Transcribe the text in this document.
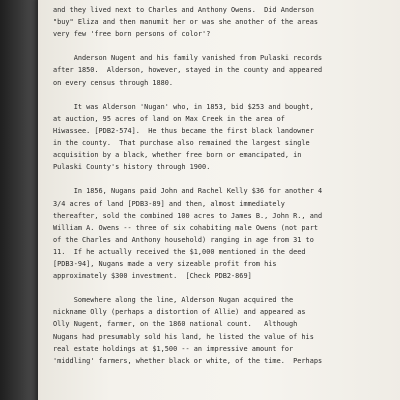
and they lived next to Charles and Anthony Owens.  Did Anderson
"buy" Eliza and then manumit her or was she another of the areas
very few 'free born persons of color'?

Anderson Nugent and his family vanished from Pulaski records
after 1850.  Alderson, however, stayed in the county and appeared
on every census through 1880.

It was Alderson 'Nugan' who, in 1853, bid $253 and bought,
at auction, 95 acres of land on Max Creek in the area of
Hiwassee. [PDB2-574].  He thus became the first black landowner
in the county.  That purchase also remained the largest single
acquisition by a black, whether free born or emancipated, in
Pulaski County's history through 1900.

In 1856, Nugans paid John and Rachel Kelly $36 for another 4
3/4 acres of land [PDB3-89] and then, almost immediately
thereafter, sold the combined 100 acres to James B., John R., and
William A. Owens -- three of six cohabiting male Owens (not part
of the Charles and Anthony household) ranging in age from 31 to
11.  If he actually received the $1,000 mentioned in the deed
[PDB3-94], Nugans made a very sizeable profit from his
approximately $300 investment.  [Check PDB2-869]

Somewhere along the line, Alderson Nugan acquired the
nickname Olly (perhaps a distortion of Allie) and appeared as
Olly Nugent, farmer, on the 1860 national count.   Although
Nugans had presumably sold his land, he listed the value of his
real estate holdings at $1,500 -- an impressive amount for
'middling' farmers, whether black or white, of the time.  Perhaps
